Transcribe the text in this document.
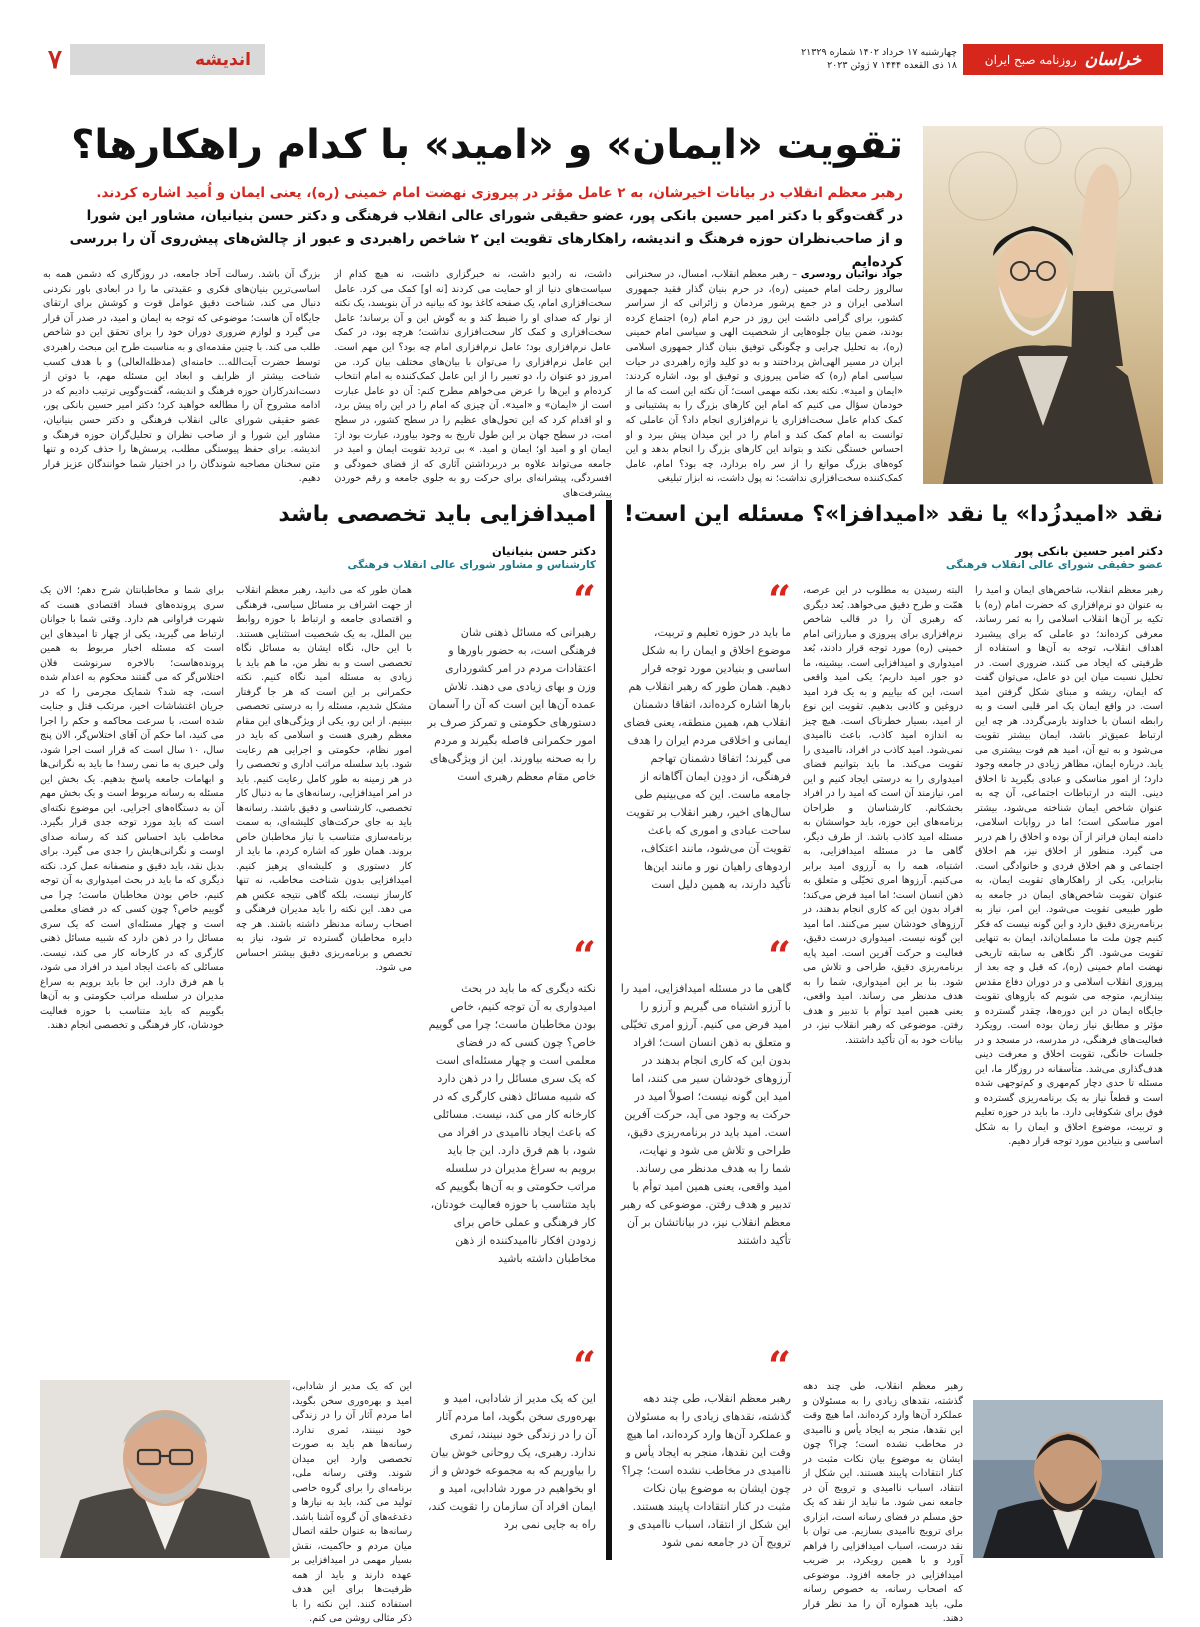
خراسان
روزنامه صبح ایران
چهارشنبه ۱۷ خرداد ۱۴۰۲ شماره ۲۱۳۲۹
۱۸ ذی القعده ۱۴۴۴ ۷ ژوئن ۲۰۲۳
اندیشه
۷
تقویت «ایمان» و «امید» با کدام راهکارها؟
رهبر معظم انقلاب در بیانات اخیرشان، به ۲ عامل مؤثر در پیروزی نهضت امام خمینی (ره)، یعنی ایمان و اُمید اشاره کردند.
در گفت‌وگو با دکتر امیر حسین بانکی پور، عضو حقیقی شورای عالی انقلاب فرهنگی و دکتر حسن بنیانیان، مشاور این شورا
و از صاحب‌نظران حوزه فرهنگ و اندیشه، راهکارهای تقویت این ۲ شاخص راهبردی و عبور از چالش‌های پیش‌روی آن را بررسی کرده‌ایم
جواد نوائیان رودسری – رهبر معظم انقلاب، امسال، در سخنرانی سالروز رحلت امام خمینی (ره)، در حرم بنیان گذار فقید جمهوری اسلامی ایران و در جمع پرشور مردمان و زائرانی که از سراسر کشور، برای گرامی داشت این روز در حرم امام (ره) اجتماع کرده بودند، ضمن بیان جلوه‌هایی از شخصیت الهی و سیاسی امام خمینی (ره)، به تحلیل چرایی و چگونگی توفیق بنیان گذار جمهوری اسلامی ایران در مسیر الهی‌اش پرداختند و به دو کلید واژه راهبردی در حیات سیاسی امام (ره) که ضامن پیروزی و توفیق او بود، اشاره کردند: «ایمان و امید». نکته بعد، نکته مهمی است؛ آن نکته این است که ما از خودمان سؤال می کنیم که امام این کارهای بزرگ را به پشتیبانی و کمک کدام عامل سخت‌افزاری یا نرم‌افزاری انجام داد؟ آن عاملی که توانست به امام کمک کند و امام را در این میدان پیش ببرد و او احساس خستگی نکند و بتواند این کارهای بزرگ را انجام بدهد و این کوه‌های بزرگ موانع را از سر راه بردارد، چه بود؟ امام، عامل کمک‌کننده سخت‌افزاری نداشت؛ نه پول داشت، نه ابزار تبلیغی
داشت، نه رادیو داشت، نه خبرگزاری داشت، نه هیچ کدام از سیاست‌های دنیا از او حمایت می کردند [نه او] کمک می کرد. عامل سخت‌افزاری امام، یک صفحه کاغذ بود که بیانیه در آن بنویسد، یک نکته از نوار که صدای او را ضبط کند و به گوش این و آن برساند؛ عامل سخت‌افزاری و کمک کار سخت‌افزاری نداشت؛ هرچه بود، در کمک عامل نرم‌افزاری بود؛ عامل نرم‌افزاری امام چه بود؟ این مهم است. این عامل نرم‌افزاری را می‌توان با بیان‌های مختلف بیان کرد. من امروز دو عنوان را، دو تعبیر را از این عامل کمک‌کننده به امام انتخاب کرده‌ام و این‌ها را عرض می‌خواهم مطرح کنم: آن دو عامل عبارت است از «ایمان» و «امید». آن چیزی که امام را در این راه پیش برد، و او اقدام کرد که این تحول‌های عظیم را در سطح کشور، در سطح امت، در سطح جهان بر این طول تاریخ به وجود بیاورد، عبارت بود از: ایمان او و امید او؛ ایمان و امید. » بی تردید تقویت ایمان و امید در جامعه می‌تواند علاوه بر دربرداشتن آثاری که از فضای خمودگی و افسردگی، پیشرانه‌ای برای حرکت رو به جلوی جامعه و رقم خوردن پیشرفت‌های
بزرگ آن باشد. رسالت آحاد جامعه، در روزگاری که دشمن همه به اساسی‌ترین بنیان‌های فکری و عقیدتی ما را در ابعادی باور نکردنی دنبال می کند، شناخت دقیق عوامل قوت و کوشش برای ارتقای جایگاه آن هاست؛ موضوعی که توجه به ایمان و امید، در صدر آن قرار می گیرد و لوازم ضروری دوران خود را برای تحقق این دو شاخص طلب می کند. با چنین مقدمه‌ای و به مناسبت طرح این مبحث راهبردی توسط حضرت آیت‌الله... خامنه‌ای (مدظله‌العالی) و با هدف کسب شناخت بیشتر از ظرایف و ابعاد این مسئله مهم، با دوتن از دست‌اندرکاران حوزه فرهنگ و اندیشه، گفت‌وگویی ترتیب دادیم که در ادامه مشروح آن را مطالعه خواهید کرد؛ دکتر امیر حسین بانکی پور، عضو حقیقی شورای عالی انقلاب فرهنگی و دکتر حسن بنیانیان، مشاور این شورا و از صاحب نظران و تحلیل‌گران حوزه فرهنگ و اندیشه. برای حفظ پیوستگی مطلب، پرسش‌ها را حذف کرده و تنها متن سخنان مصاحبه شوندگان را در اختیار شما خوانندگان عزیز قرار دهیم.
نقد «امیدزُدا» یا نقد «امیدافزا»؟ مسئله این است!
دکتر امیر حسین بانکی پور
عضو حقیقی شورای عالی انقلاب فرهنگی
رهبر معظم انقلاب، شاخص‌های ایمان و امید را به عنوان دو نرم‌افزاری که حضرت امام (ره) با تکیه بر آن‌ها انقلاب اسلامی را به ثمر رساند، معرفی کرده‌اند؛ دو عاملی که برای پیشبرد اهداف انقلاب، توجه به آن‌ها و استفاده از ظرفیتی که ایجاد می کنند، ضروری است. در تحلیل نسبت میان این دو عامل، می‌توان گفت که ایمان، ریشه و مبنای شکل گرفتن امید است. در واقع ایمان یک امر قلبی است و به رابطه انسان با خداوند بازمی‌گردد. هر چه این ارتباط عمیق‌تر باشد، ایمان بیشتر تقویت می‌شود و به تبع آن، امید هم فوت بیشتری می یابد. درباره ایمان، مظاهر زیادی در جامعه وجود دارد؛ از امور مناسکی و عبادی بگیرید تا اخلاق دینی. البته در ارتباطات اجتماعی، آن چه به عنوان شاخص ایمان شناخته می‌شود، بیشتر امور مناسکی است؛ اما در روایات اسلامی، دامنه ایمان فراتر از آن بوده و اخلاق را هم دربر می گیرد. منظور از اخلاق نیز، هم اخلاق اجتماعی و هم اخلاق فردی و خانوادگی است. بنابراین، یکی از راهکارهای تقویت ایمان، به عنوان تقویت شاخص‌های ایمان در جامعه به طور طبیعی تقویت می‌شود. این امر، نیاز به برنامه‌ریزی دقیق دارد و این گونه نیست که فکر کنیم چون ملت ما مسلمان‌اند، ایمان به تنهایی تقویت می‌شود. اگر نگاهی به سابقه تاریخی نهضت امام خمینی (ره)، که قبل و چه بعد از پیروزی انقلاب اسلامی و در دوران دفاع مقدس بیندازیم، متوجه می شویم که بازوهای تقویت جایگاه ایمان در این دوره‌ها، چقدر گسترده و مؤثر و مطابق نیاز زمان بوده است. رویکرد فعالیت‌های فرهنگی، در مدرسه، در مسجد و در جلسات خانگی، تقویت اخلاق و معرفت دینی هدف‌گذاری می‌شد. متأسفانه در روزگار ما، این مسئله تا حدی دچار کم‌مهری و کم‌توجهی شده است و قطعاً نیاز به یک برنامه‌ریزی گسترده و فوق برای شکوفایی دارد. ما باید در حوزه تعلیم و تربیت، موضوع اخلاق و ایمان را به شکل اساسی و بنیادین مورد توجه قرار دهیم.
البته رسیدن به مطلوب در این عرصه، همّت و طرح دقیق می‌خواهد. بُعد دیگری که رهبری آن را در قالب شاخص نرم‌افزاری برای پیروزی و مبارزاتی امام خمینی (ره) مورد توجه قرار دادند، بُعد امیدواری و امیدافزایی است. بیشینه، ما دو جور امید داریم؛ یکی امید واقعی است، این که بیاییم و به یک فرد امید دروغین و کاذبی بدهیم. تقویت این نوع از امید، بسیار خطرناک است. هیچ چیز به اندازه امید کاذب، باعث ناامیدی نمی‌شود. امید کاذب در افراد، ناامیدی را تقویت می‌کند. ما باید بتوانیم فضای امیدواری را به درستی ایجاد کنیم و این امر، نیازمند آن است که امید را در افراد بخشکانم. کارشناسان و طراحان برنامه‌های این حوزه، باید حواسشان به مسئله امید کاذب باشد. از طرف دیگر، گاهی ما در مسئله امیدافزایی، به اشتباه، همه را به آرزوی امید برابر می‌کنیم. آرزوها امری تخیّلی و متعلق به ذهن انسان است؛ اما امید فرض می‌کند؛ افراد بدون این که کاری انجام بدهند، در آرزوهای خودشان سیر می‌کنند. اما امید این گونه نیست. امیدواری درست دقیق، فعالیت و حرکت آفرین است. امید پایه برنامه‌ریزی دقیق، طراحی و تلاش می شود. بنا بر این امیدواری، شما را به هدف مدنظر می رساند. امید واقعی، یعنی همین امید توأم با تدبیر و هدف رفتن. موضوعی که رهبر انقلاب نیز، در بیانات خود به آن تأکید داشتند.
رهبر معظم انقلاب، طی چند دهه گذشته، نقدهای زیادی را به مسئولان و عملکرد آن‌ها وارد کرده‌اند، اما هیچ وقت این نقدها، منجر به ایجاد یأس و ناامیدی در مخاطب نشده است؛ چرا؟ چون ایشان به موضوع بیان نکات مثبت در کنار انتقادات پایبند هستند. این شکل از انتقاد، اسباب ناامیدی و ترویج آن در جامعه نمی شود. ما نباید از نقد که یک حق مسلم در فضای رسانه است، ابزاری برای ترویج ناامیدی بسازیم. می توان با نقد درست، اسباب امیدافزایی را فراهم آورد و با همین رویکرد، بر ضریب امیدافزایی در جامعه افزود. موضوعی که اصحاب رسانه، به خصوص رسانه ملی، باید همواره آن را مد نظر قرار دهند.
“
ما باید در حوزه تعلیم و تربیت، موضوع اخلاق و ایمان را به شکل اساسی و بنیادین مورد توجه قرار دهیم. همان طور که رهبر انقلاب هم بارها اشاره کرده‌اند، اتفاقا دشمنان انقلاب هم، همین منطقه، یعنی فضای ایمانی و اخلاقی مردم ایران را هدف می گیرند؛ اتفاقا دشمنان تهاجم فرهنگی، از دودِن ایمان آگاهانه از جامعه ماست. این که می‌بینیم طی سال‌های اخیر، رهبر انقلاب بر تقویت ساحت عبادی و اموری که باعث تقویت آن می‌شود، مانند اعتکاف، اردوهای راهیان نور و مانند این‌ها تأکید دارند، به همین دلیل است
“
گاهی ما در مسئله امیدافزایی، امید را با آرزو اشتباه می گیریم و آرزو را امید فرض می کنیم. آرزو امری تخیّلی و متعلق به ذهن انسان است؛ افراد بدون این که کاری انجام بدهند در آرزوهای خودشان سیر می کنند، اما امید این گونه نیست؛ اصولاً امید در حرکت به وجود می آید، حرکت آفرین است. امید باید در برنامه‌ریزی دقیق، طراحی و تلاش می شود و نهایت، شما را به هدف مدنظر می رساند. امید واقعی، یعنی همین امید توأم با تدبیر و هدف رفتن. موضوعی که رهبر معظم انقلاب نیز، در بیاناتشان بر آن تأکید داشتند
“
رهبر معظم انقلاب، طی چند دهه گذشته، نقدهای زیادی را به مسئولان و عملکرد آن‌ها وارد کرده‌اند، اما هیچ وقت این نقدها، منجر به ایجاد یأس و ناامیدی در مخاطب نشده است؛ چرا؟ چون ایشان به موضوع بیان نکات مثبت در کنار انتقادات پایبند هستند. این شکل از انتقاد، اسباب ناامیدی و ترویج آن در جامعه نمی شود
امیدافزایی باید تخصصی باشد
دکتر حسن بنیانیان
کارشناس و مشاور شورای عالی انقلاب فرهنگی
“
رهبرانی که مسائل ذهنی شان فرهنگی است، به حضور باورها و اعتقادات مردم در امر کشورداری وزن و بهای زیادی می دهند. تلاش عمده آن‌ها این است که آن را آسمان دستورهای حکومتی و تمرکز صرف بر امور حکمرانی فاصله بگیرند و مردم را به صحنه بیاورند. این از ویژگی‌های خاص مقام معظم رهبری است
“
نکته دیگری که ما باید در بحث امیدواری به آن توجه کنیم، خاص بودن مخاطبان ماست؛ چرا می گوییم خاص؟ چون کسی که در فضای معلمی است و چهار مسئله‌ای است که یک سری مسائل را در ذهن دارد که شبیه مسائل ذهنی کارگری که در کارخانه کار می کند، نیست. مسائلی که باعث ایجاد ناامیدی در افراد می شود، با هم فرق دارد. این جا باید برویم به سراغ مدیران در سلسله مراتب حکومتی و به آن‌ها بگوییم که باید متناسب با حوزه فعالیت خودتان، کار فرهنگی و عملی خاص برای زدودن افکار ناامید‌کننده از ذهن مخاطبان داشته باشید
“
این که یک مدیر از شادابی، امید و بهره‌وری سخن بگوید، اما مردم آثار آن را در زندگی خود نبینند، ثمری ندارد. رهبری، یک روحانی خوش بیان را بیاوریم که به مجموعه خودش و از او بخواهیم در مورد شادابی، امید و ایمان افراد آن سازمان را تقویت کند، راه به جایی نمی برد
همان طور که می دانید، رهبر معظم انقلاب از جهت اشراف بر مسائل سیاسی، فرهنگی و اقتصادی جامعه و ارتباط با حوزه روابط بین الملل، به یک شخصیت استثنایی هستند. با این حال، نگاه ایشان به مسائل نگاه تخصصی است و به نظر من، ما هم باید با زیادی به مسئله امید نگاه کنیم. نکته حکمرانی بر این است که هر جا گرفتار مشکل شدیم، مسئله را به درستی تخصصی ببینیم. از این رو، یکی از ویژگی‌های این مقام معظم رهبری هست و اسلامی که باید در امور نظام، حکومتی و اجرایی هم رعایت شود. باید سلسله مراتب اداری و تخصصی را در هر زمینه به طور کامل رعایت کنیم. باید در امر امیدافزایی، رسانه‌های ما به دنبال کار تخصصی، کارشناسی و دقیق باشند. رسانه‌ها باید به جای حرکت‌های کلیشه‌ای، به سمت برنامه‌سازی متناسب با نیاز مخاطبان خاص بروند. همان طور که اشاره کردم، ما باید از کار دستوری و کلیشه‌ای پرهیز کنیم. امیدافزایی بدون شناخت مخاطب، نه تنها کارساز نیست، بلکه گاهی نتیجه عکس هم می دهد. این نکته را باید مدیران فرهنگی و اصحاب رسانه مدنظر داشته باشند. هر چه دایره مخاطبان گسترده تر شود، نیاز به تخصص و برنامه‌ریزی دقیق بیشتر احساس می شود.
این که یک مدیر از شادابی، امید و بهره‌وری سخن بگوید، اما مردم آثار آن را در زندگی خود نبینند، ثمری ندارد. رسانه‌ها هم باید به صورت تخصصی وارد این میدان شوند. وقتی رسانه ملی، برنامه‌ای را برای گروه خاصی تولید می کند، باید به نیازها و دغدغه‌های آن گروه آشنا باشد. رسانه‌ها به عنوان حلقه اتصال میان مردم و حاکمیت، نقش بسیار مهمی در امیدافزایی بر عهده دارند و باید از همه ظرفیت‌ها برای این هدف استفاده کنند. این نکته را با ذکر مثالی روشن می کنم.
برای شما و مخاطبانتان شرح دهم؛ الان یک سری پرونده‌های فساد اقتصادی هست که شهرت فراوانی هم دارد. وقتی شما با جوانان ارتباط می گیرید، یکی از چهار تا امیدهای این است که مسئله اخبار مربوط به همین پرونده‌هاست؛ بالاخره سرنوشت فلان اختلاس‌گر که می گفتند محکوم به اعدام شده است، چه شد؟ شمایک مجرمی را که در جریان اغتشاشات اخیر، مرتکب قتل و جنایت شده است، با سرعت محاکمه و حکم را اجرا می کنید، اما حکم آن آقای اختلاس‌گر، الان پنج سال، ۱۰ سال است که قرار است اجرا شود، ولی خبری به ما نمی رسد! ما باید به نگرانی‌ها و ابهامات جامعه پاسخ بدهیم. یک بخش این مسئله به رسانه مربوط است و یک بخش مهم آن به دستگاه‌های اجرایی. این موضوع نکته‌ای است که باید مورد توجه جدی قرار بگیرد. مخاطب باید احساس کند که رسانه صدای اوست و نگرانی‌هایش را جدی می گیرد. برای بدیل نقد، باید دقیق و منصفانه عمل کرد. نکته دیگری که ما باید در بحث امیدواری به آن توجه کنیم، خاص بودن مخاطبان ماست؛ چرا می گوییم خاص؟ چون کسی که در فضای معلمی است و چهار مسئله‌ای است که یک سری مسائل را در ذهن دارد که شبیه مسائل ذهنی کارگری که در کارخانه کار می کند، نیست. مسائلی که باعث ایجاد امید در افراد می شود، با هم فرق دارد. این جا باید برویم به سراغ مدیران در سلسله مراتب حکومتی و به آن‌ها بگوییم که باید متناسب با حوزه فعالیت خودشان، کار فرهنگی و تخصصی انجام دهند.
